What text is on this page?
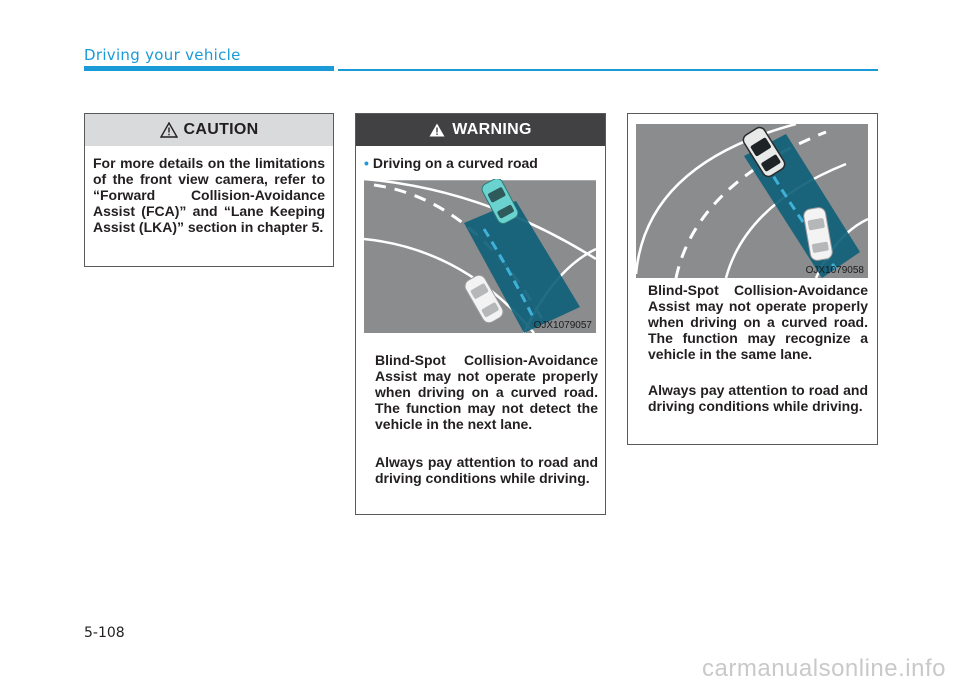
Driving your vehicle
CAUTION
For more details on the limitations of the front view camera, refer to “Forward Collision-Avoidance Assist (FCA)” and “Lane Keeping Assist (LKA)” section in chapter 5.
WARNING
• Driving on a curved road
OJX1079057
Blind-Spot Collision-Avoidance Assist may not operate properly when driving on a curved road. The function may not detect the vehicle in the next lane.
Always pay attention to road and driving conditions while driving.
OJX1079058
Blind-Spot Collision-Avoidance Assist may not operate properly when driving on a curved road. The function may recognize a vehicle in the same lane.
Always pay attention to road and driving conditions while driving.
5-108
carmanualsonline.info
